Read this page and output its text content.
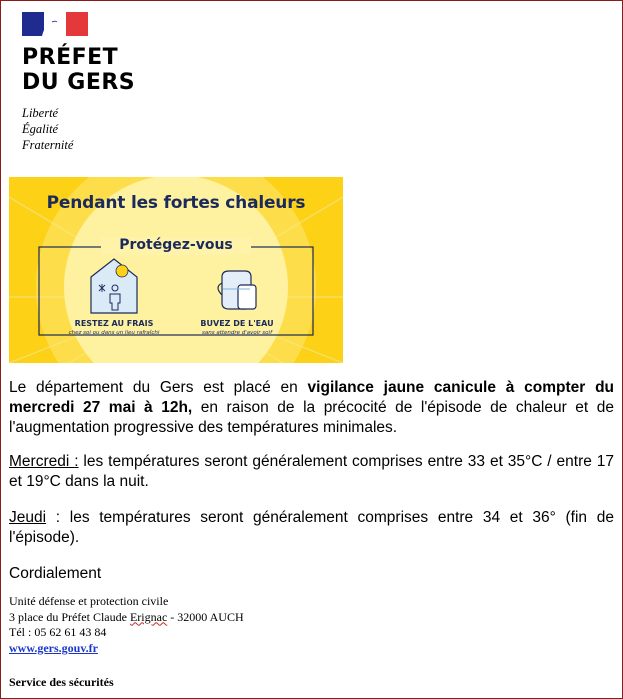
PRÉFET
DU GERS
Liberté
Égalité
Fraternité
Pendant les fortes chaleurs
Protégez-vous
RESTEZ AU FRAIS
chez soi ou dans un lieu rafraîchi
BUVEZ DE L'EAU
sans attendre d'avoir soif

Le département du Gers est placé en vigilance jaune canicule à compter du mercredi 27 mai à 12h, en raison de la précocité de l'épisode de chaleur et de l'augmentation progressive des températures minimales.

Mercredi : les températures seront généralement comprises entre 33 et 35°C / entre 17 et 19°C dans la nuit.

Jeudi : les températures seront généralement comprises entre 34 et 36° (fin de l'épisode).

Cordialement

Unité défense et protection civile
3 place du Préfet Claude Erignac - 32000 AUCH
Tél : 05 62 61 43 84
www.gers.gouv.fr
Service des sécurités
